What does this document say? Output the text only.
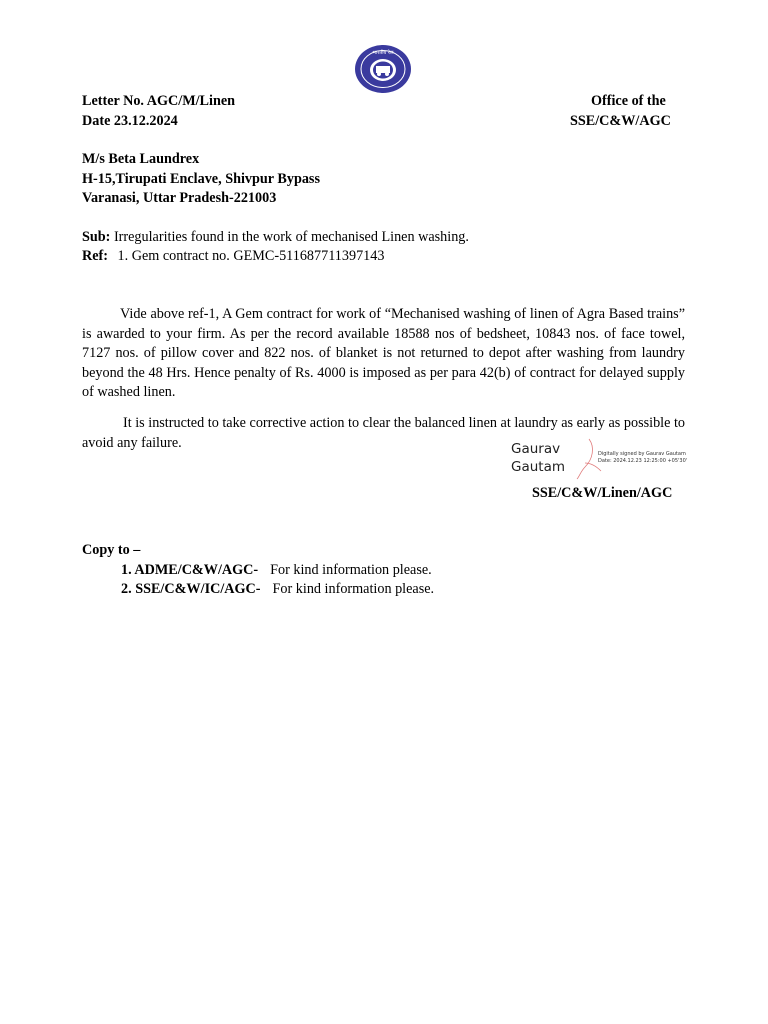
भारतीय रेल
Letter No. AGC/M/Linen
Date 23.12.2024
Office of the
SSE/C&W/AGC
M/s Beta Laundrex
H-15,Tirupati Enclave, Shivpur Bypass
Varanasi, Uttar Pradesh-221003
Sub: Irregularities found in the work of mechanised Linen washing.
Ref: 1. Gem contract no. GEMC-511687711397143
Vide above ref-1, A Gem contract for work of “Mechanised washing of linen of Agra Based trains” is awarded to your firm. As per the record available 18588 nos of bedsheet, 10843 nos. of face towel, 7127 nos. of pillow cover and 822 nos. of blanket is not returned to depot after washing from laundry beyond the 48 Hrs. Hence penalty of Rs. 4000 is imposed as per para 42(b) of contract for delayed supply of washed linen.
It is instructed to take corrective action to clear the balanced linen at laundry as early as possible to avoid any failure.	Gaurav
Gautam
Digitally signed by Gaurav Gautam
Date: 2024.12.23 12:25:00 +05'30'
SSE/C&W/Linen/AGC
Copy to –
1. ADME/C&W/AGC- For kind information please.
2. SSE/C&W/IC/AGC- For kind information please.
